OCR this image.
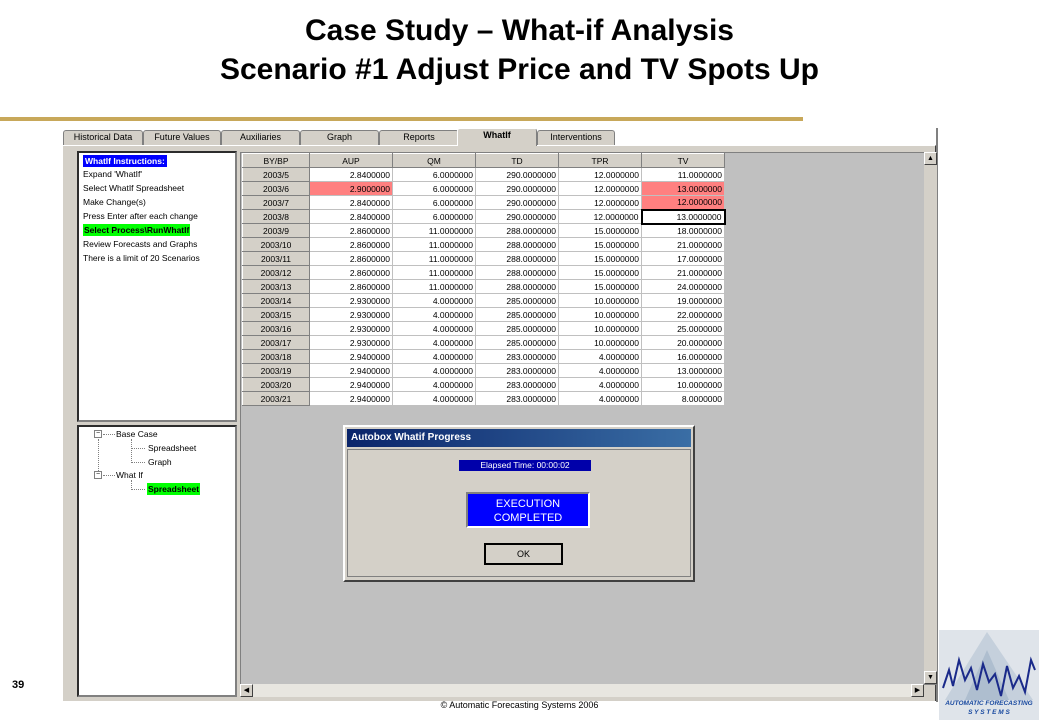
Case Study – What-if Analysis
Scenario #1 Adjust Price and TV Spots Up
Historical Data	Future Values	Auxiliaries	Graph	Reports	WhatIf	Interventions
WhatIf Instructions:
Expand 'WhatIf'
Select WhatIf Spreadsheet
Make Change(s)
Press Enter after each change
Select Process\RunWhatIf
Review Forecasts and Graphs
There is a limit of 20 Scenarios
− Base Case
Spreadsheet
Graph
− What If
Spreadsheet
BY/BP	AUP	QM	TD	TPR	TV
2003/5	2.8400000	6.0000000	290.0000000	12.0000000	11.0000000
2003/6	2.9000000	6.0000000	290.0000000	12.0000000	13.0000000
2003/7	2.8400000	6.0000000	290.0000000	12.0000000	12.0000000
2003/8	2.8400000	6.0000000	290.0000000	12.0000000	13.0000000
2003/9	2.8600000	11.0000000	288.0000000	15.0000000	18.0000000
2003/10	2.8600000	11.0000000	288.0000000	15.0000000	21.0000000
2003/11	2.8600000	11.0000000	288.0000000	15.0000000	17.0000000
2003/12	2.8600000	11.0000000	288.0000000	15.0000000	21.0000000
2003/13	2.8600000	11.0000000	288.0000000	15.0000000	24.0000000
2003/14	2.9300000	4.0000000	285.0000000	10.0000000	19.0000000
2003/15	2.9300000	4.0000000	285.0000000	10.0000000	22.0000000
2003/16	2.9300000	4.0000000	285.0000000	10.0000000	25.0000000
2003/17	2.9300000	4.0000000	285.0000000	10.0000000	20.0000000
2003/18	2.9400000	4.0000000	283.0000000	4.0000000	16.0000000
2003/19	2.9400000	4.0000000	283.0000000	4.0000000	13.0000000
2003/20	2.9400000	4.0000000	283.0000000	4.0000000	10.0000000
2003/21	2.9400000	4.0000000	283.0000000	4.0000000	8.0000000
▲
▼
◀	▶
Autobox Whatif Progress
Elapsed Time: 00:00:02
EXECUTION
COMPLETED
OK
39
© Automatic Forecasting Systems 2006	AUTOMATIC FORECASTING
S Y S T E M S
